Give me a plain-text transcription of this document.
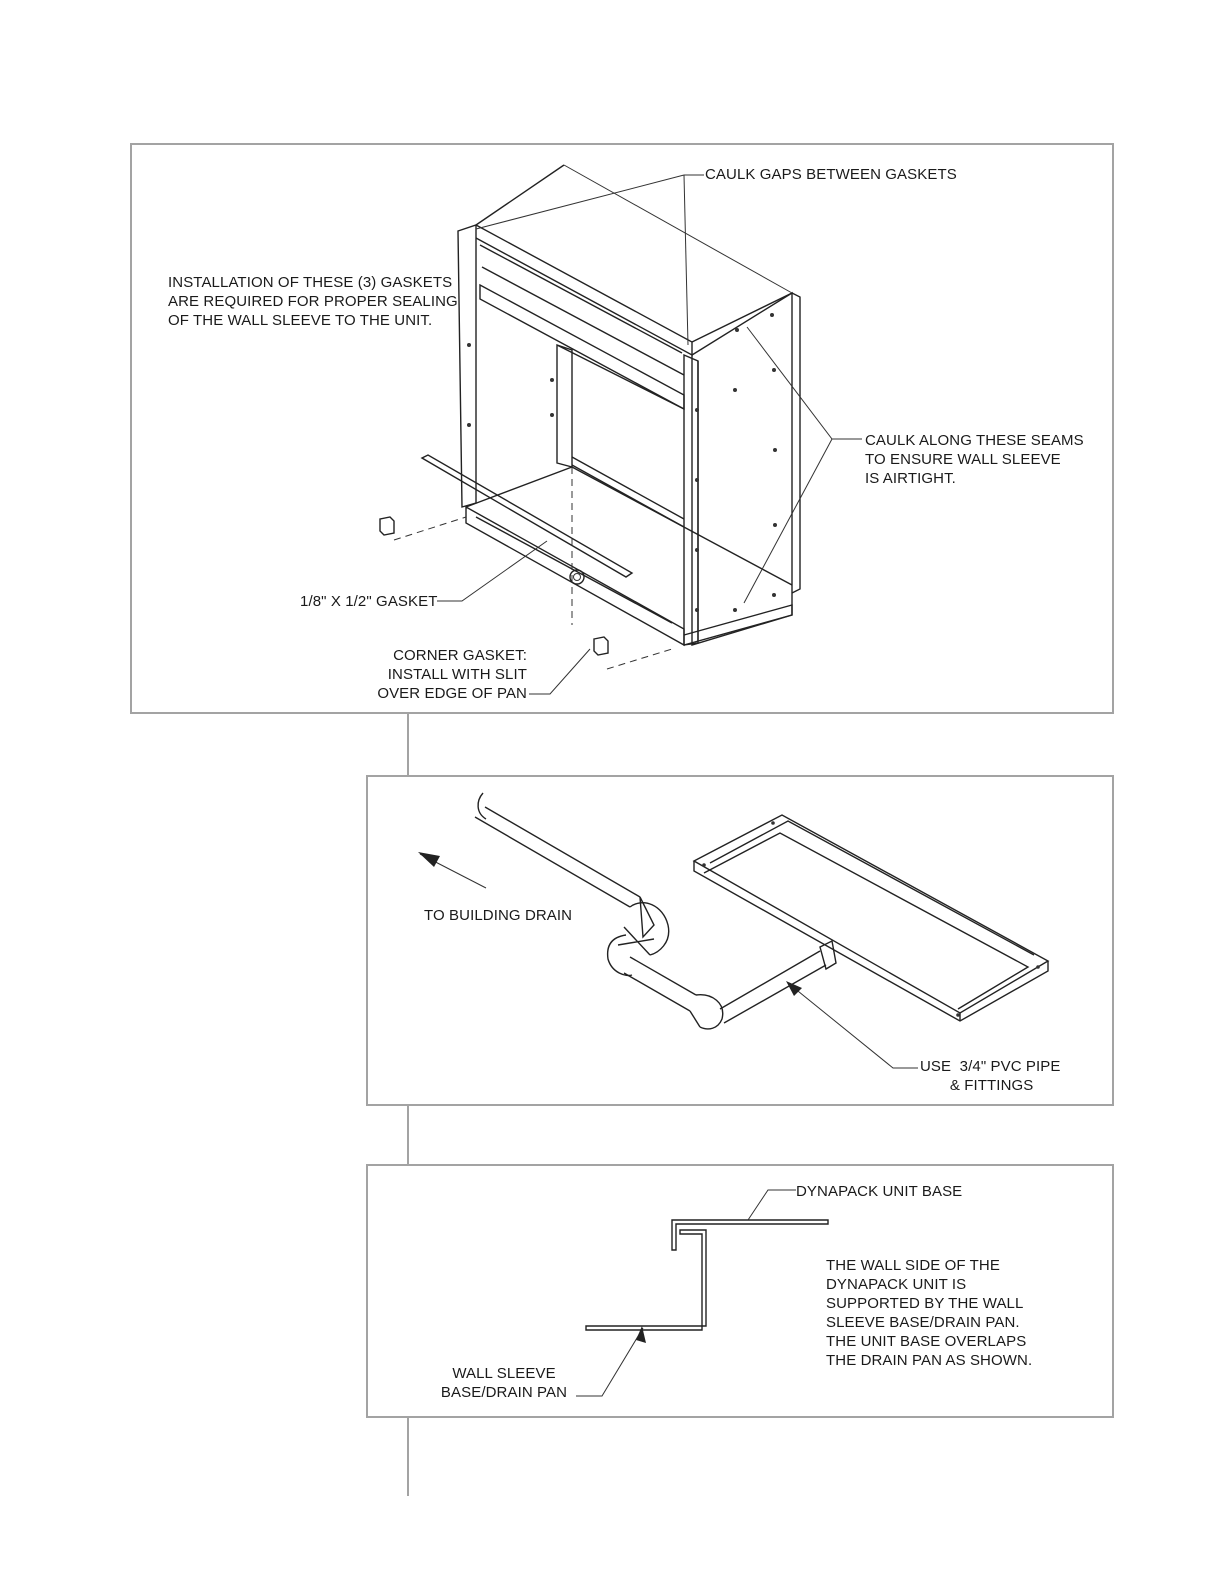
CAULK GAPS BETWEEN GASKETS
INSTALLATION OF THESE (3) GASKETS
ARE REQUIRED FOR PROPER SEALING
OF THE WALL SLEEVE TO THE UNIT.
CAULK ALONG THESE SEAMS
TO ENSURE WALL SLEEVE
IS AIRTIGHT.
1/8" X 1/2" GASKET
CORNER GASKET:
INSTALL WITH SLIT
OVER EDGE OF PAN
TO BUILDING DRAIN
USE  3/4" PVC PIPE
& FITTINGS
DYNAPACK UNIT BASE
THE WALL SIDE OF THE
DYNAPACK UNIT IS
SUPPORTED BY THE WALL
SLEEVE BASE/DRAIN PAN.
THE UNIT BASE OVERLAPS
THE DRAIN PAN AS SHOWN.
WALL SLEEVE
BASE/DRAIN PAN
